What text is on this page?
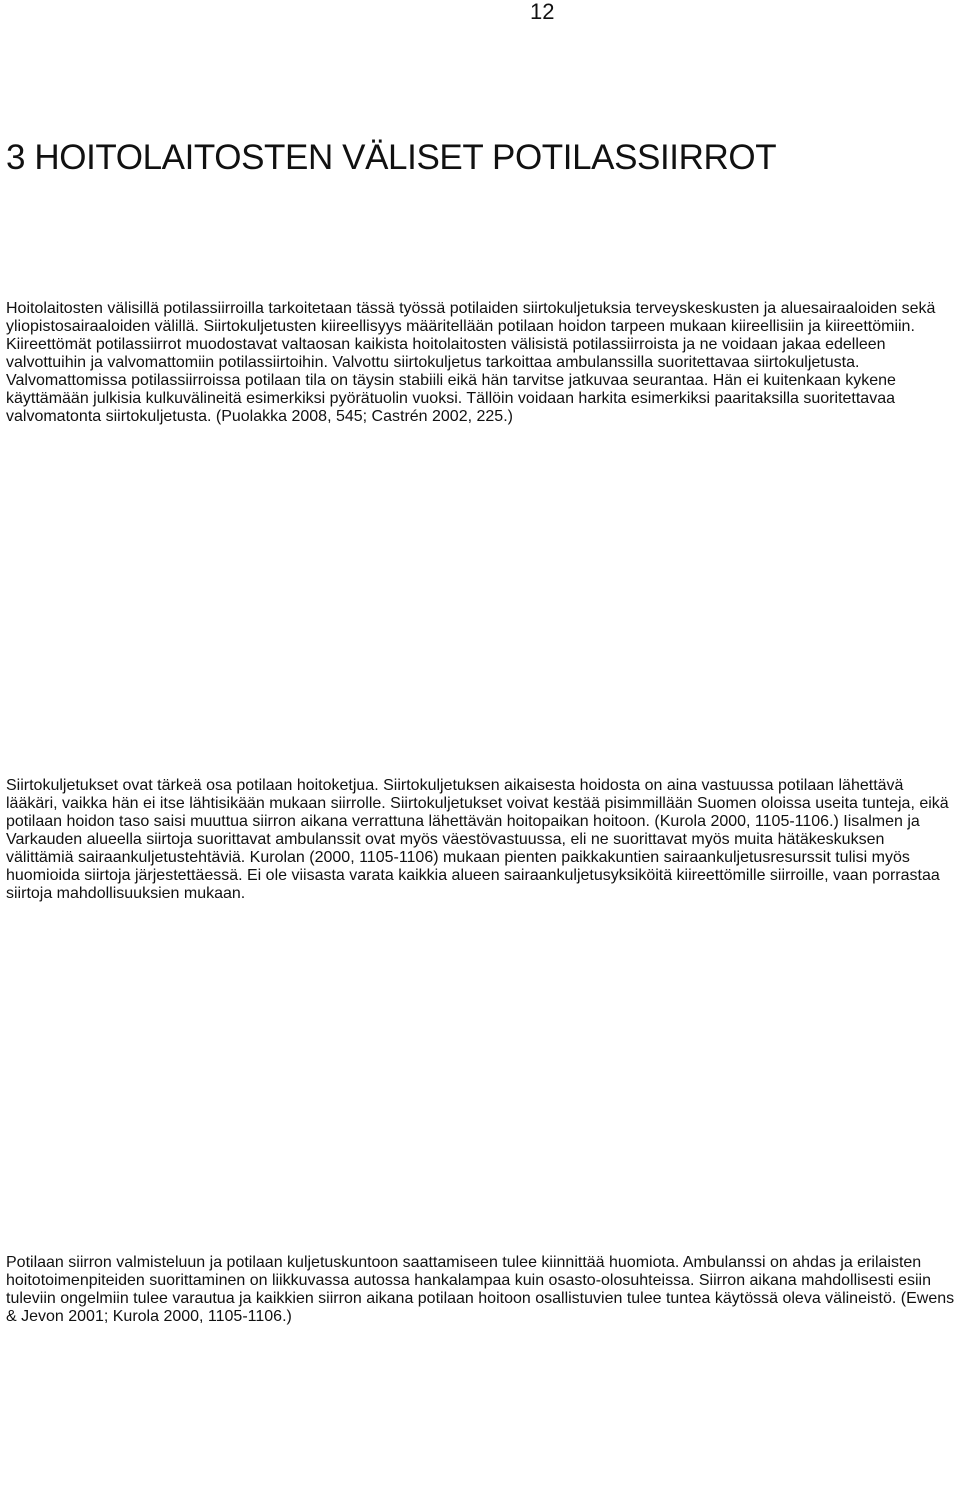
12
3 HOITOLAITOSTEN VÄLISET POTILASSIIRROT

Hoitolaitosten välisillä potilassiirroilla tarkoitetaan tässä työssä potilaiden siirtokuljetuksia terveyskeskusten ja aluesairaaloiden sekä yliopistosairaaloiden välillä. Siirtokuljetusten kiireellisyys määritellään potilaan hoidon tarpeen mukaan kiireellisiin ja kiireettömiin. Kiireettömät potilassiirrot muodostavat valtaosan kaikista hoitolaitosten välisistä potilassiirroista ja ne voidaan jakaa edelleen valvottuihin ja valvomattomiin potilassiirtoihin. Valvottu siirtokuljetus tarkoittaa ambulanssilla suoritettavaa siirtokuljetusta. Valvomattomissa potilassiirroissa potilaan tila on täysin stabiili eikä hän tarvitse jatkuvaa seurantaa. Hän ei kuitenkaan kykene käyttämään julkisia kulkuvälineitä esimerkiksi pyörätuolin vuoksi. Tällöin voidaan harkita esimerkiksi paaritaksilla suoritettavaa valvomatonta siirtokuljetusta. (Puolakka 2008, 545; Castrén 2002, 225.)

Siirtokuljetukset ovat tärkeä osa potilaan hoitoketjua. Siirtokuljetuksen aikaisesta hoidosta on aina vastuussa potilaan lähettävä lääkäri, vaikka hän ei itse lähtisikään mukaan siirrolle. Siirtokuljetukset voivat kestää pisimmillään Suomen oloissa useita tunteja, eikä potilaan hoidon taso saisi muuttua siirron aikana verrattuna lähettävän hoitopaikan hoitoon. (Kurola 2000, 1105-1106.) Iisalmen ja Varkauden alueella siirtoja suorittavat ambulanssit ovat myös väestövastuussa, eli ne suorittavat myös muita hätäkeskuksen välittämiä sairaankuljetustehtäviä. Kurolan (2000, 1105-1106) mukaan pienten paikkakuntien sairaankuljetusresurssit tulisi myös huomioida siirtoja järjestettäessä. Ei ole viisasta varata kaikkia alueen sairaankuljetusyksiköitä kiireettömille siirroille, vaan porrastaa siirtoja mahdollisuuksien mukaan.

Potilaan siirron valmisteluun ja potilaan kuljetuskuntoon saattamiseen tulee kiinnittää huomiota. Ambulanssi on ahdas ja erilaisten hoitotoimenpiteiden suorittaminen on liikkuvassa autossa hankalampaa kuin osasto-olosuhteissa. Siirron aikana mahdollisesti esiin tuleviin ongelmiin tulee varautua ja kaikkien siirron aikana potilaan hoitoon osallistuvien tulee tuntea käytössä oleva välineistö. (Ewens & Jevon 2001; Kurola 2000, 1105-1106.)
